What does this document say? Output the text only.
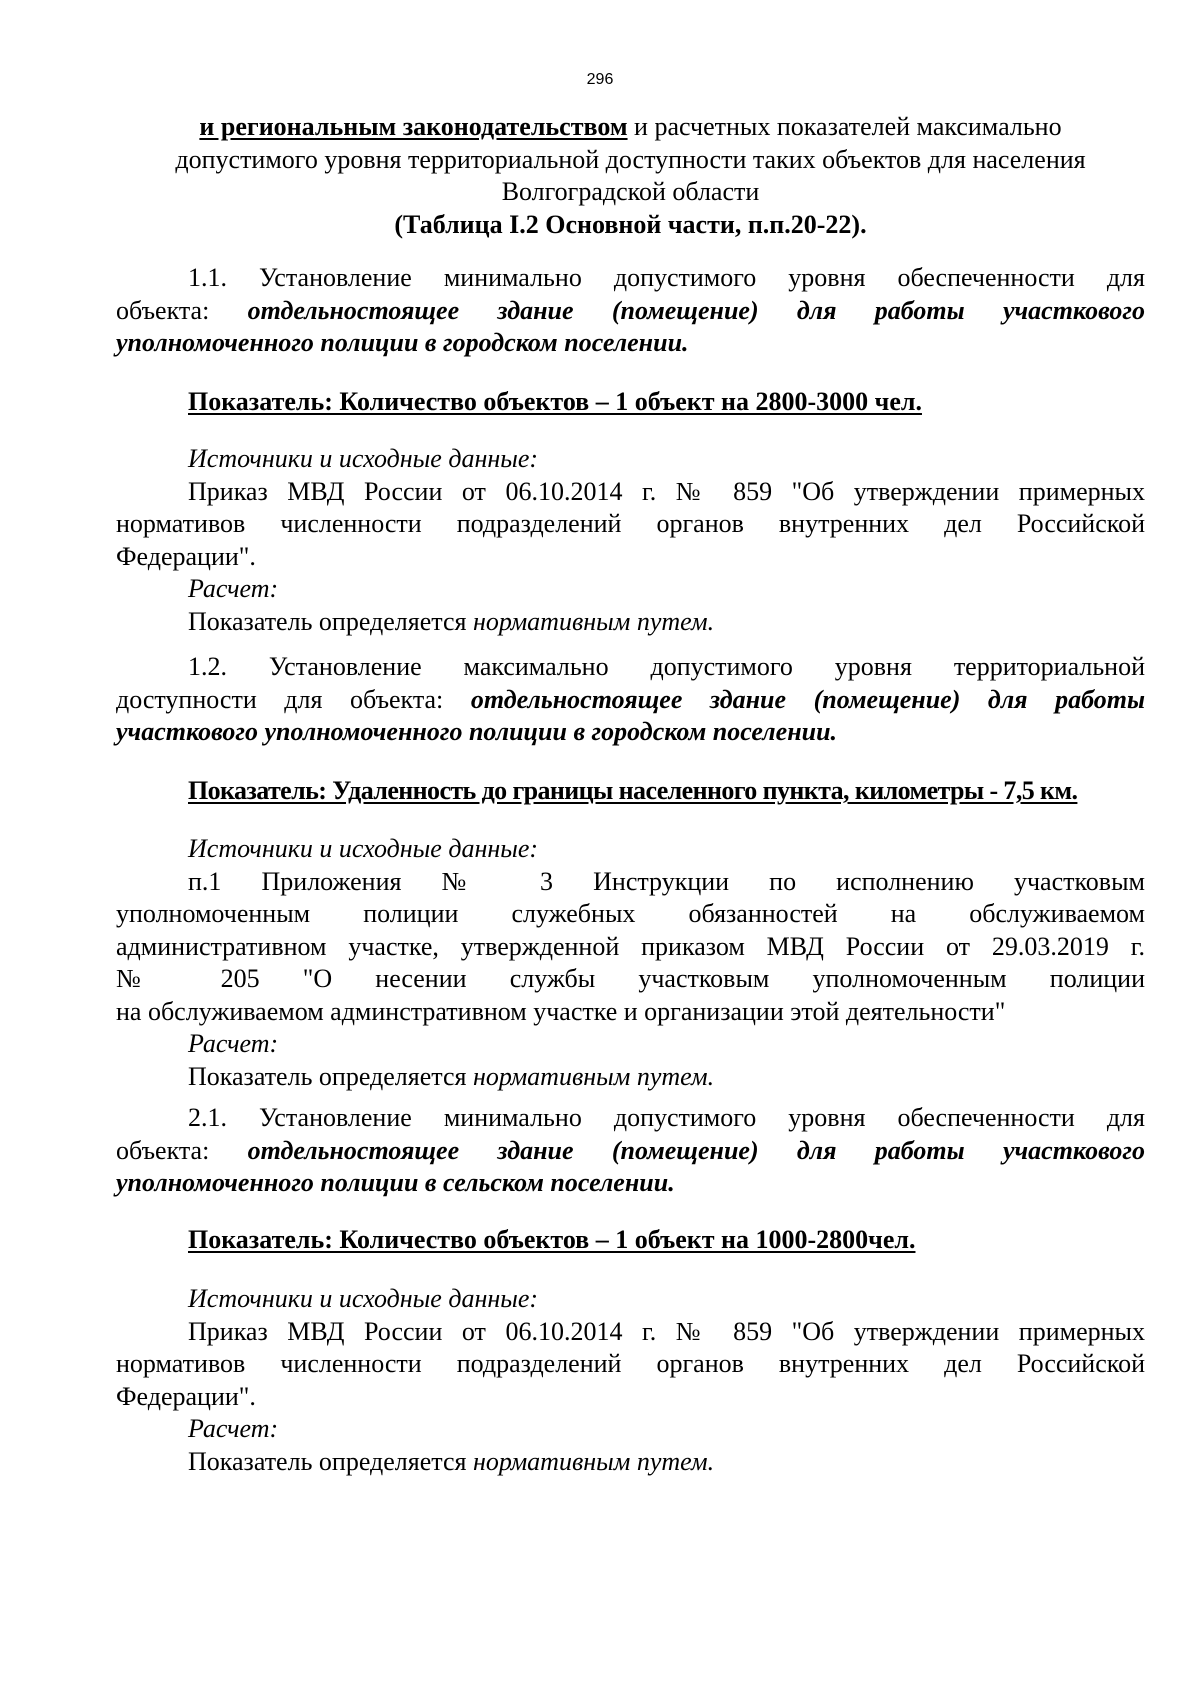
296
и региональным законодательством и расчетных показателей максимально
допустимого уровня территориальной доступности таких объектов для населения
Волгоградской области
(Таблица I.2 Основной части, п.п.20-22).
1.1. Установление минимально допустимого уровня обеспеченности для
объекта: отдельностоящее здание (помещение) для работы участкового
уполномоченного полиции в городском поселении.
Показатель: Количество объектов – 1 объект на 2800-3000 чел.
Источники и исходные данные:
Приказ МВД России от 06.10.2014 г. № 859 "Об утверждении примерных
нормативов численности подразделений органов внутренних дел Российской
Федерации".
Расчет:
Показатель определяется нормативным путем.
1.2. Установление максимально допустимого уровня территориальной
доступности для объекта: отдельностоящее здание (помещение) для работы
участкового уполномоченного полиции в городском поселении.
Показатель: Удаленность до границы населенного пункта, километры - 7,5 км.
Источники и исходные данные:
п.1 Приложения № 3 Инструкции по исполнению участковым
уполномоченным полиции служебных обязанностей на обслуживаемом
административном участке, утвержденной приказом МВД России от 29.03.2019 г.
№ 205 "О несении службы участковым уполномоченным полиции
на обслуживаемом админстративном участке и организации этой деятельности"
Расчет:
Показатель определяется нормативным путем.
2.1. Установление минимально допустимого уровня обеспеченности для
объекта: отдельностоящее здание (помещение) для работы участкового
уполномоченного полиции в сельском поселении.
Показатель: Количество объектов – 1 объект на 1000-2800чел.
Источники и исходные данные:
Приказ МВД России от 06.10.2014 г. № 859 "Об утверждении примерных
нормативов численности подразделений органов внутренних дел Российской
Федерации".
Расчет:
Показатель определяется нормативным путем.
